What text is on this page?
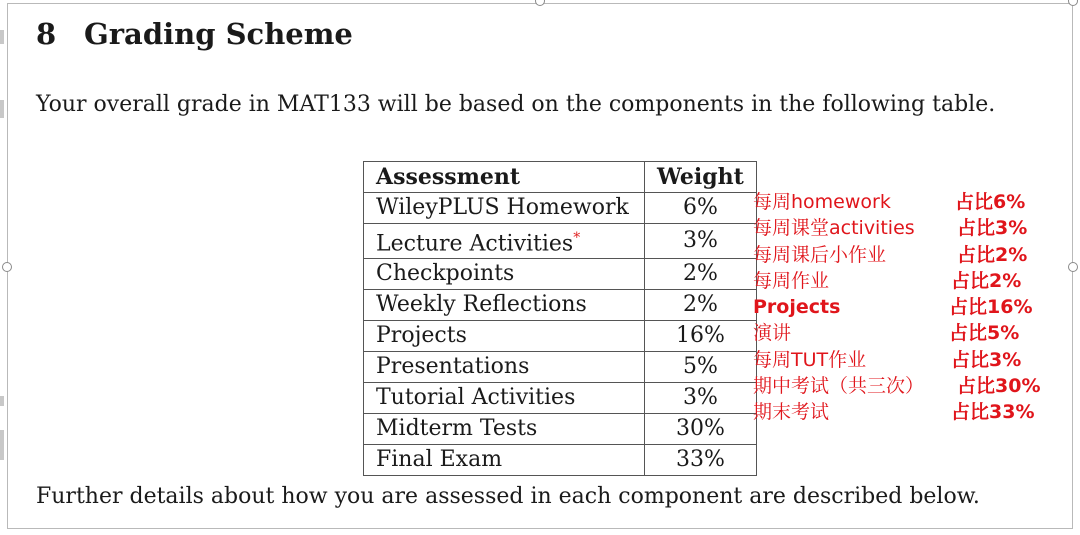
8 Grading Scheme

Your overall grade in MAT133 will be based on the components in the following table.

Assessment	Weight
WileyPLUS Homework	6%
Lecture Activities*	3%
Checkpoints	2%
Weekly Reflections	2%
Projects	16%
Presentations	5%
Tutorial Activities	3%
Midterm Tests	30%
Final Exam	33%
每周homework	占比6%
每周课堂activities 占比3%
每周课后小作业	占比2%
每周作业	占比2%
Projects	占比16%
演讲	占比5%
每周TUT作业	占比3%
期中考试（共三次） 占比30%
期末考试	占比33%

Further details about how you are assessed in each component are described below.
